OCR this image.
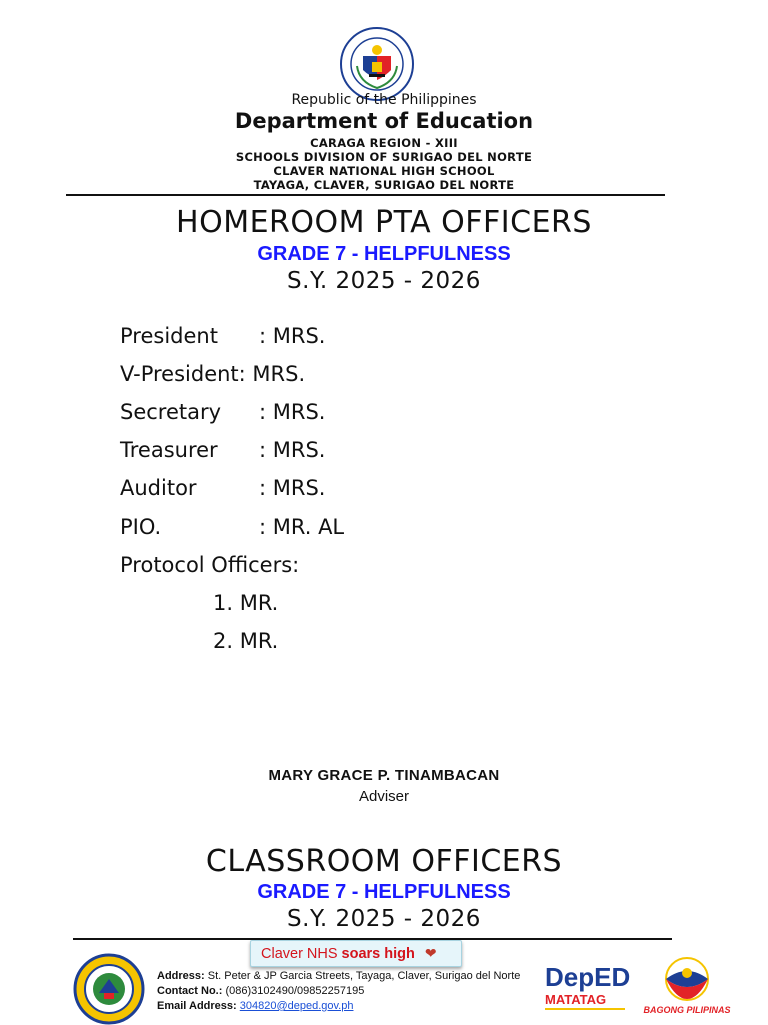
Republic of the Philippines
Department of Education
CARAGA REGION - XIII
SCHOOLS DIVISION OF SURIGAO DEL NORTE
CLAVER NATIONAL HIGH SCHOOL
TAYAGA, CLAVER, SURIGAO DEL NORTE
HOMEROOM PTA OFFICERS
GRADE 7 - HELPFULNESS
S.Y. 2025 - 2026
President : MRS.
V-President: MRS.
Secretary : MRS.
Treasurer : MRS.
Auditor	: MRS.
PIO.	: MR. AL
Protocol Officers:
1. MR.
2. MR.
MARY GRACE P. TINAMBACAN
Adviser
CLASSROOM OFFICERS
GRADE 7 - HELPFULNESS
S.Y. 2025 - 2026
Claver NHS soars high ❤
Address: St. Peter & JP Garcia Streets, Tayaga, Claver, Surigao del Norte
Contact No.: (086)3102490/09852257195
Email Address: 304820@deped.gov.ph
DepED
MATATAG
BAGONG PILIPINAS
